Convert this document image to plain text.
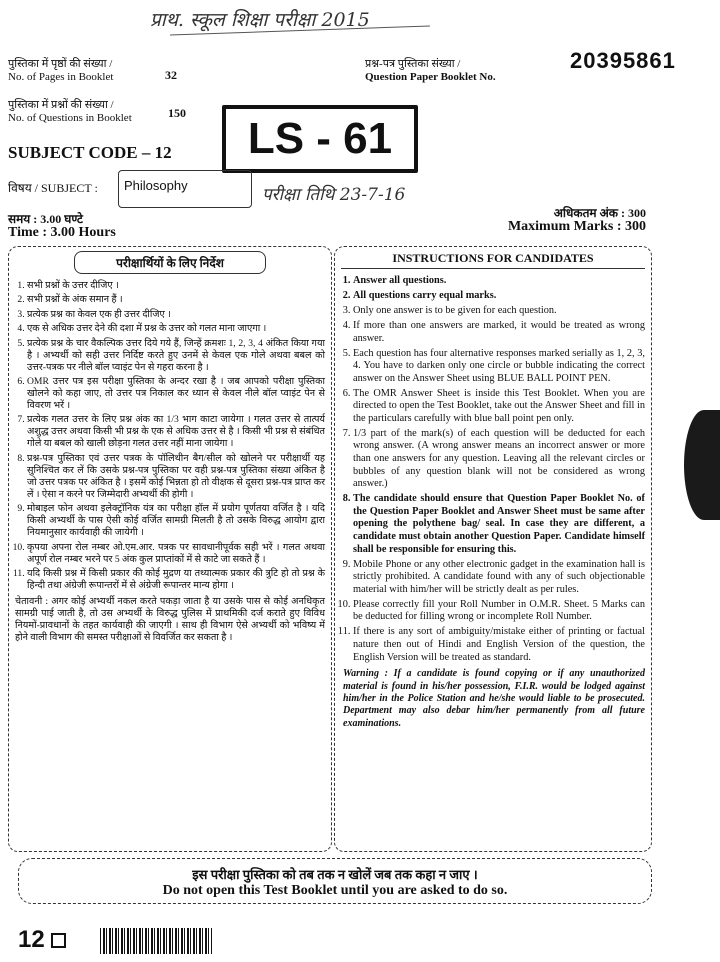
प्राथ. स्कूल शिक्षा परीक्षा 2015
पुस्तिका में पृष्ठों की संख्या /
No. of Pages in Booklet	32
पुस्तिका में प्रश्नों की संख्या /
No. of Questions in Booklet	150
प्रश्न-पत्र पुस्तिका संख्या /
Question Paper Booklet No.
20395861
LS - 61
SUBJECT CODE – 12
विषय / SUBJECT : Philosophy	परीक्षा तिथि 23-7-16
समय : 3.00 घण्टे
Time : 3.00 Hours
अधिकतम अंक : 300
Maximum Marks : 300
परीक्षार्थियों के लिए निर्देश
1. सभी प्रश्नों के उत्तर दीजिए ।
2. सभी प्रश्नों के अंक समान हैं ।
3. प्रत्येक प्रश्न का केवल एक ही उत्तर दीजिए ।
4. एक से अधिक उत्तर देने की दशा में प्रश्न के उत्तर को गलत माना जाएगा ।
5. प्रत्येक प्रश्न के चार वैकल्पिक उत्तर दिये गये हैं, जिन्हें क्रमशः 1, 2, 3, 4 अंकित किया गया है । अभ्यर्थी को सही उत्तर निर्दिष्ट करते हुए उनमें से केवल एक गोले अथवा बबल को उत्तर-पत्रक पर नीले बॉल प्वाइंट पेन से गहरा करना है ।
6. OMR उत्तर पत्र इस परीक्षा पुस्तिका के अन्दर रखा है । जब आपको परीक्षा पुस्तिका खोलने को कहा जाए, तो उत्तर पत्र निकाल कर ध्यान से केवल नीले बॉल प्वाइंट पेन से विवरण भरें ।
7. प्रत्येक गलत उत्तर के लिए प्रश्न अंक का 1/3 भाग काटा जायेगा । गलत उत्तर से तात्पर्य अशुद्ध उत्तर अथवा किसी भी प्रश्न के एक से अधिक उत्तर से है । किसी भी प्रश्न से संबंधित गोले या बबल को खाली छोड़ना गलत उत्तर नहीं माना जायेगा ।
8. प्रश्न-पत्र पुस्तिका एवं उत्तर पत्रक के पॉलिथीन बैग/सील को खोलने पर परीक्षार्थी यह सुनिश्चित कर लें कि उसके प्रश्न-पत्र पुस्तिका पर वही प्रश्न-पत्र पुस्तिका संख्या अंकित है जो उत्तर पत्रक पर अंकित है । इसमें कोई भिन्नता हो तो वीक्षक से दूसरा प्रश्न-पत्र प्राप्त कर लें । ऐसा न करने पर जिम्मेदारी अभ्यर्थी की होगी ।
9. मोबाइल फोन अथवा इलेक्ट्रॉनिक यंत्र का परीक्षा हॉल में प्रयोग पूर्णतया वर्जित है । यदि किसी अभ्यर्थी के पास ऐसी कोई वर्जित सामग्री मिलती है तो उसके विरुद्ध आयोग द्वारा नियमानुसार कार्यवाही की जायेगी ।
10. कृपया अपना रोल नम्बर ओ.एम.आर. पत्रक पर सावधानीपूर्वक सही भरें । गलत अथवा अपूर्ण रोल नम्बर भरने पर 5 अंक कुल प्राप्तांकों में से काटे जा सकते हैं ।
11. यदि किसी प्रश्न में किसी प्रकार की कोई मुद्रण या तथ्यात्मक प्रकार की त्रुटि हो तो प्रश्न के हिन्दी तथा अंग्रेजी रूपान्तरों में से अंग्रेजी रूपान्तर मान्य होगा ।
चेतावनी : अगर कोई अभ्यर्थी नकल करते पकड़ा जाता है या उसके पास से कोई अनधिकृत सामग्री पाई जाती है, तो उस अभ्यर्थी के विरुद्ध पुलिस में प्राथमिकी दर्ज कराते हुए विविध नियमों-प्रावधानों के तहत कार्यवाही की जाएगी । साथ ही विभाग ऐसे अभ्यर्थी को भविष्य में होने वाली विभाग की समस्त परीक्षाओं से विवर्जित कर सकता है ।
INSTRUCTIONS FOR CANDIDATES
1. Answer all questions.
2. All questions carry equal marks.
3. Only one answer is to be given for each question.
4. If more than one answers are marked, it would be treated as wrong answer.
5. Each question has four alternative responses marked serially as 1, 2, 3, 4. You have to darken only one circle or bubble indicating the correct answer on the Answer Sheet using BLUE BALL POINT PEN.
6. The OMR Answer Sheet is inside this Test Booklet. When you are directed to open the Test Booklet, take out the Answer Sheet and fill in the particulars carefully with blue ball point pen only.
7. 1/3 part of the mark(s) of each question will be deducted for each wrong answer. (A wrong answer means an incorrect answer or more than one answers for any question. Leaving all the relevant circles or bubbles of any question blank will not be considered as wrong answer.)
8. The candidate should ensure that Question Paper Booklet No. of the Question Paper Booklet and Answer Sheet must be same after opening the polythene bag/ seal. In case they are different, a candidate must obtain another Question Paper. Candidate himself shall be responsible for ensuring this.
9. Mobile Phone or any other electronic gadget in the examination hall is strictly prohibited. A candidate found with any of such objectionable material with him/her will be strictly dealt as per rules.
10. Please correctly fill your Roll Number in O.M.R. Sheet. 5 Marks can be deducted for filling wrong or incomplete Roll Number.
11. If there is any sort of ambiguity/mistake either of printing or factual nature then out of Hindi and English Version of the question, the English Version will be treated as standard.
Warning : If a candidate is found copying or if any unauthorized material is found in his/her possession, F.I.R. would be lodged against him/her in the Police Station and he/she would liable to be prosecuted. Department may also debar him/her permanently from all future examinations.
इस परीक्षा पुस्तिका को तब तक न खोलें जब तक कहा न जाए ।
Do not open this Test Booklet until you are asked to do so.
12
